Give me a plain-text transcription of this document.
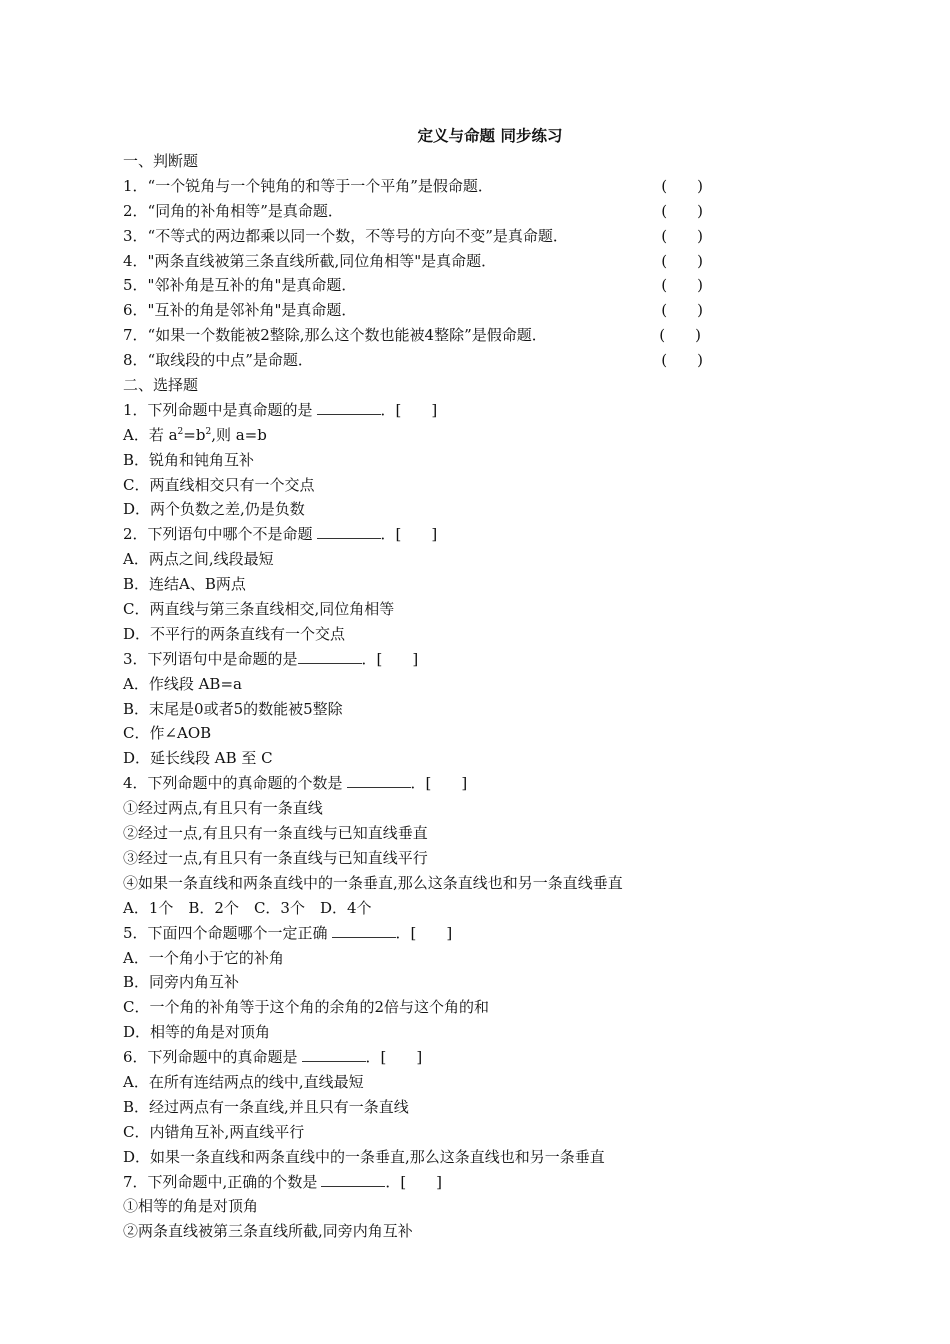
定义与命题 同步练习
一、判断题
1．“一个锐角与一个钝角的和等于一个平角”是假命题．	(　　)
2．“同角的补角相等”是真命题．	(　　)
3．“不等式的两边都乘以同一个数，不等号的方向不变”是真命题．	(　　)
4．"两条直线被第三条直线所截,同位角相等"是真命题．	(　　)
5．"邻补角是互补的角"是真命题．	(　　)
6．"互补的角是邻补角"是真命题．	(　　)
7．“如果一个数能被2整除,那么这个数也能被4整除”是假命题．	(　　)
8．“取线段的中点”是命题．	(　　)
二、选择题
1．下列命题中是真命题的是	．[　　]
A．若 $a^2=b^2$,则 a=b
B．锐角和钝角互补
C．两直线相交只有一个交点
D．两个负数之差,仍是负数
2．下列语句中哪个不是命题	．[　　]
A．两点之间,线段最短
B．连结A、B两点
C．两直线与第三条直线相交,同位角相等
D．不平行的两条直线有一个交点
3．下列语句中是命题的是	．[　　]
A．作线段 AB=a
B．末尾是0或者5的数能被5整除
C．作∠AOB
D．延长线段 AB 至 C
4．下列命题中的真命题的个数是	．[　　]
①经过两点,有且只有一条直线
②经过一点,有且只有一条直线与已知直线垂直
③经过一点,有且只有一条直线与已知直线平行
④如果一条直线和两条直线中的一条垂直,那么这条直线也和另一条直线垂直
A．1个　B．2个　C．3个　D．4个
5．下面四个命题哪个一定正确	．[　　]
A．一个角小于它的补角
B．同旁内角互补
C．一个角的补角等于这个角的余角的2倍与这个角的和
D．相等的角是对顶角
6．下列命题中的真命题是	．[　　]
A．在所有连结两点的线中,直线最短
B．经过两点有一条直线,并且只有一条直线
C．内错角互补,两直线平行
D．如果一条直线和两条直线中的一条垂直,那么这条直线也和另一条垂直
7．下列命题中,正确的个数是	．[　　]
①相等的角是对顶角
②两条直线被第三条直线所截,同旁内角互补
